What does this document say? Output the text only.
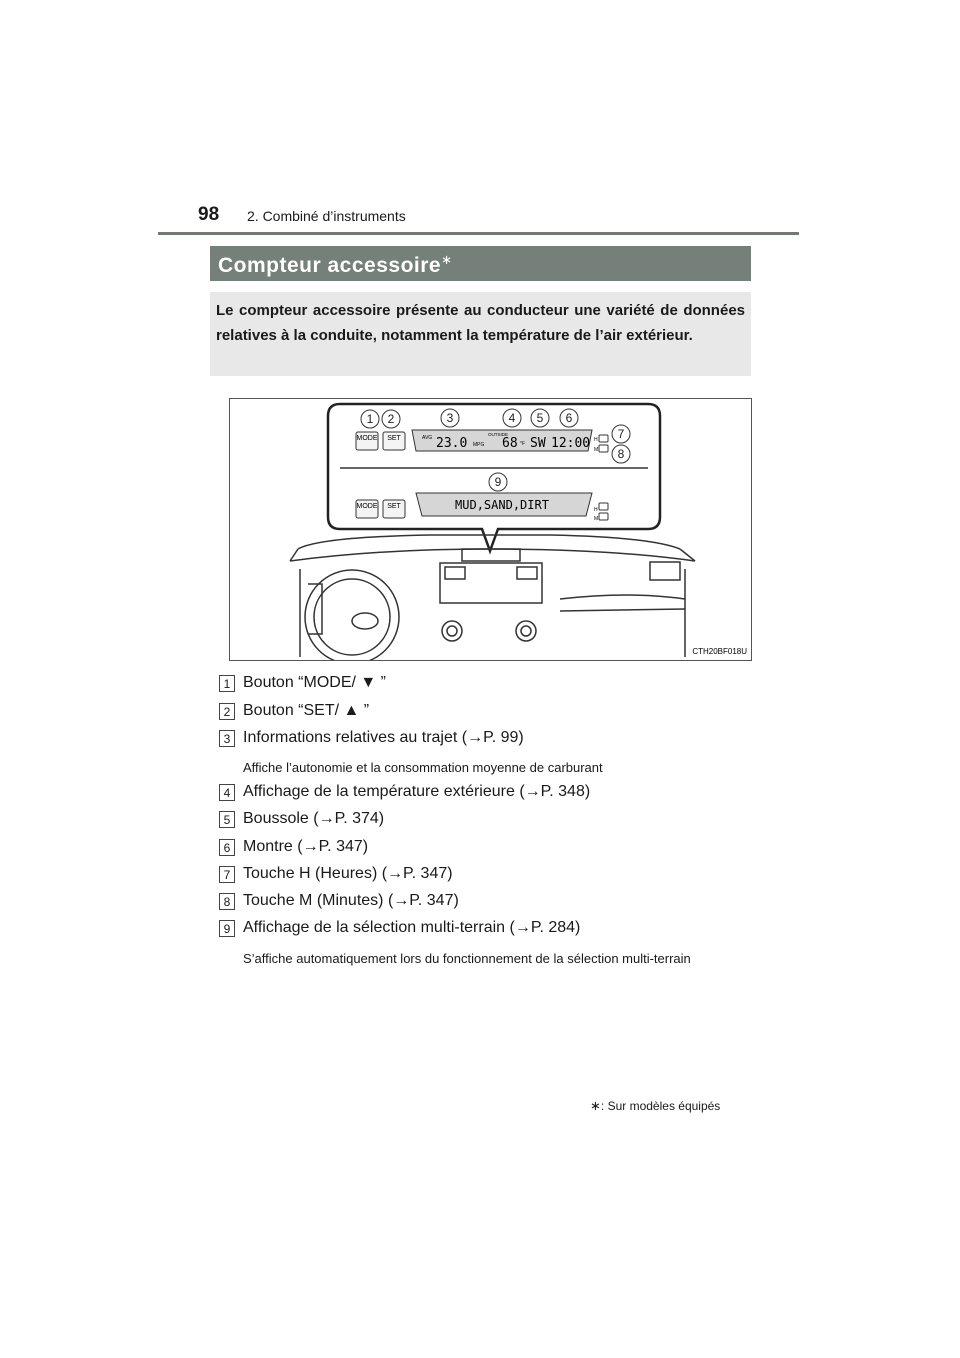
98 2. Combiné d’instruments
Compteur accessoire∗
Le compteur accessoire présente au conducteur une variété de données relatives à la conduite, notamment la température de l’air extérieur.
MODE SET	AVG 23.0 MPG
OUTSIDE
68 °F SW 12:00 H
M
MODE SET	MUD,SAND,DIRT	H
M
1 2	3	4 5 6
7
8
9
CTH20BF018U
1 Bouton “MODE/ ▼ ”
2 Bouton “SET/ ▲ ”
3 Informations relatives au trajet (→P. 99)
Affiche l’autonomie et la consommation moyenne de carburant
4 Affichage de la température extérieure (→P. 348)
5 Boussole (→P. 374)
6 Montre (→P. 347)
7 Touche H (Heures) (→P. 347)
8 Touche M (Minutes) (→P. 347)
9 Affichage de la sélection multi-terrain (→P. 284)
S’affiche automatiquement lors du fonctionnement de la sélection multi-terrain
∗: Sur modèles équipés
